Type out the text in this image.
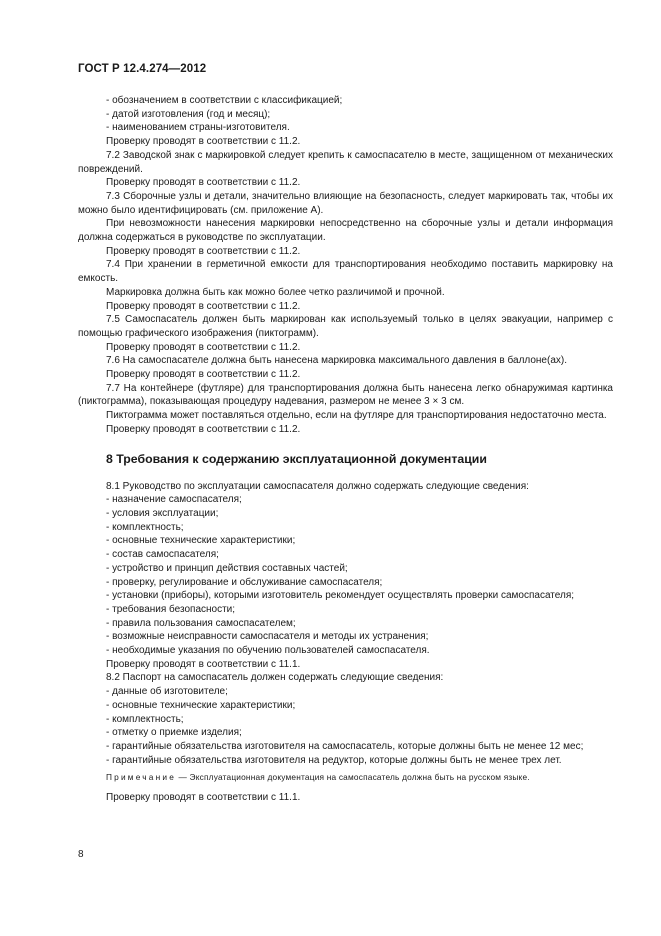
ГОСТ Р 12.4.274—2012

- обозначением в соответствии с классификацией;

- датой изготовления (год и месяц);

- наименованием страны-изготовителя.

Проверку проводят в соответствии с 11.2.

7.2 Заводской знак с маркировкой следует крепить к самоспасателю в месте, защищенном от механических повреждений.

Проверку проводят в соответствии с 11.2.

7.3 Сборочные узлы и детали, значительно влияющие на безопасность, следует маркировать так, чтобы их можно было идентифицировать (см. приложение А).

При невозможности нанесения маркировки непосредственно на сборочные узлы и детали информация должна содержаться в руководстве по эксплуатации.

Проверку проводят в соответствии с 11.2.

7.4 При хранении в герметичной емкости для транспортирования необходимо поставить маркировку на емкость.

Маркировка должна быть как можно более четко различимой и прочной.

Проверку проводят в соответствии с 11.2.

7.5 Самоспасатель должен быть маркирован как используемый только в целях эвакуации, например с помощью графического изображения (пиктограмм).

Проверку проводят в соответствии с 11.2.

7.6 На самоспасателе должна быть нанесена маркировка максимального давления в баллоне(ах).

Проверку проводят в соответствии с 11.2.

7.7 На контейнере (футляре) для транспортирования должна быть нанесена легко обнаружимая картинка (пиктограмма), показывающая процедуру надевания, размером не менее 3 × 3 см.

Пиктограмма может поставляться отдельно, если на футляре для транспортирования недостаточно места.

Проверку проводят в соответствии с 11.2.

8 Требования к содержанию эксплуатационной документации

8.1 Руководство по эксплуатации самоспасателя должно содержать следующие сведения:

- назначение самоспасателя;

- условия эксплуатации;

- комплектность;

- основные технические характеристики;

- состав самоспасателя;

- устройство и принцип действия составных частей;

- проверку, регулирование и обслуживание самоспасателя;

- установки (приборы), которыми изготовитель рекомендует осуществлять проверки самоспасателя;

- требования безопасности;

- правила пользования самоспасателем;

- возможные неисправности самоспасателя и методы их устранения;

- необходимые указания по обучению пользователей самоспасателя.

Проверку проводят в соответствии с 11.1.

8.2 Паспорт на самоспасатель должен содержать следующие сведения:

- данные об изготовителе;

- основные технические характеристики;

- комплектность;

- отметку о приемке изделия;

- гарантийные обязательства изготовителя на самоспасатель, которые должны быть не менее 12 мес;

- гарантийные обязательства изготовителя на редуктор, которые должны быть не менее трех лет.

Примечание — Эксплуатационная документация на самоспасатель должна быть на русском языке.

Проверку проводят в соответствии с 11.1.

8
